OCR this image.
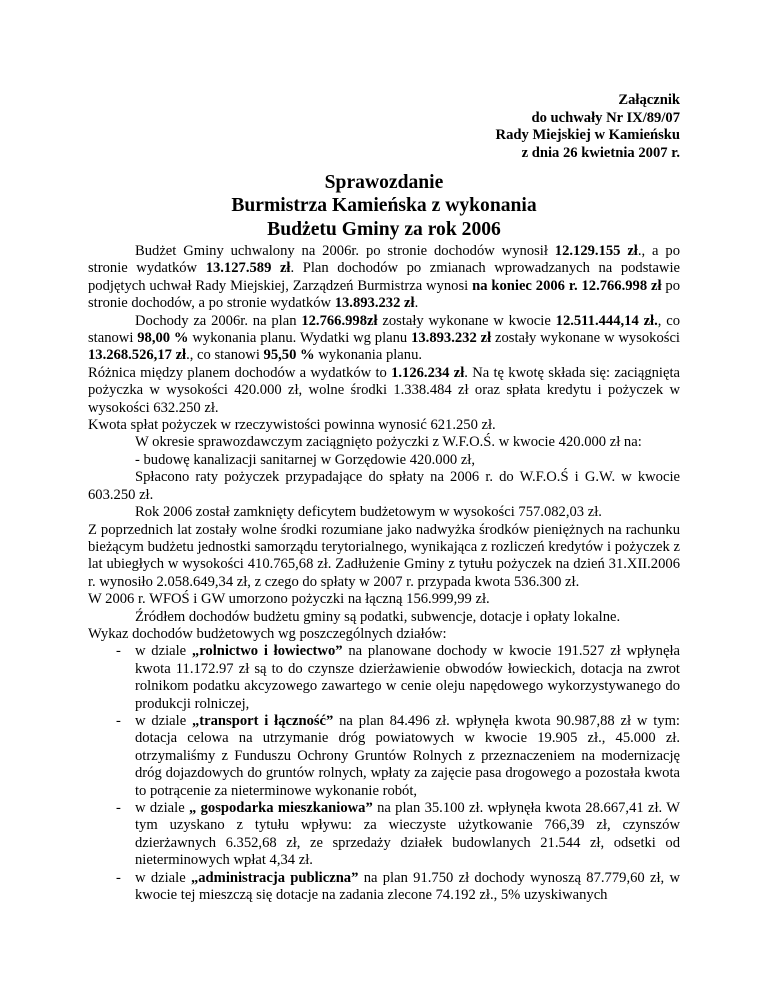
Załącznik
do uchwały Nr IX/89/07
Rady Miejskiej w Kamieńsku
z dnia 26 kwietnia 2007 r.
Sprawozdanie
Burmistrza Kamieńska z wykonania
Budżetu Gminy za rok 2006

Budżet Gminy uchwalony na 2006r. po stronie dochodów wynosił 12.129.155 zł., a po stronie wydatków 13.127.589 zł. Plan dochodów po zmianach wprowadzanych na podstawie podjętych uchwał Rady Miejskiej, Zarządzeń Burmistrza wynosi na koniec 2006 r. 12.766.998 zł po stronie dochodów, a po stronie wydatków 13.893.232 zł.

Dochody za 2006r. na plan 12.766.998zł zostały wykonane w kwocie 12.511.444,14 zł., co stanowi 98,00 % wykonania planu. Wydatki wg planu 13.893.232 zł zostały wykonane w wysokości 13.268.526,17 zł., co stanowi 95,50 % wykonania planu.

Różnica między planem dochodów a wydatków to 1.126.234 zł. Na tę kwotę składa się: zaciągnięta pożyczka w wysokości 420.000 zł, wolne środki 1.338.484 zł oraz spłata kredytu i pożyczek w wysokości 632.250 zł.

Kwota spłat pożyczek w rzeczywistości powinna wynosić 621.250 zł.

W okresie sprawozdawczym zaciągnięto pożyczki z W.F.O.Ś. w kwocie 420.000 zł na:

- budowę kanalizacji sanitarnej w Gorzędowie 420.000 zł,

Spłacono raty pożyczek przypadające do spłaty na 2006 r. do W.F.O.Ś i G.W. w kwocie 603.250 zł.

Rok 2006 został zamknięty deficytem budżetowym w wysokości 757.082,03 zł.

Z poprzednich lat zostały wolne środki rozumiane jako nadwyżka środków pieniężnych na rachunku bieżącym budżetu jednostki samorządu terytorialnego, wynikająca z rozliczeń kredytów i pożyczek z lat ubiegłych w wysokości 410.765,68 zł. Zadłużenie Gminy z tytułu pożyczek na dzień 31.XII.2006 r. wynosiło 2.058.649,34 zł, z czego do spłaty w 2007 r. przypada kwota 536.300 zł.

W 2006 r. WFOŚ i GW umorzono pożyczki na łączną 156.999,99 zł.

Źródłem dochodów budżetu gminy są podatki, subwencje, dotacje i opłaty lokalne.

Wykaz dochodów budżetowych wg poszczególnych działów:

- w dziale „rolnictwo i łowiectwo” na planowane dochody w kwocie 191.527 zł wpłynęła kwota 11.172.97 zł są to do czynsze dzierżawienie obwodów łowieckich, dotacja na zwrot rolnikom podatku akcyzowego zawartego w cenie oleju napędowego wykorzystywanego do produkcji rolniczej,
- w dziale „transport i łączność” na plan 84.496 zł. wpłynęła kwota 90.987,88 zł w tym: dotacja celowa na utrzymanie dróg powiatowych w kwocie 19.905 zł., 45.000 zł. otrzymaliśmy z Funduszu Ochrony Gruntów Rolnych z przeznaczeniem na modernizację dróg dojazdowych do gruntów rolnych, wpłaty za zajęcie pasa drogowego a pozostała kwota to potrącenie za nieterminowe wykonanie robót,
- w dziale „ gospodarka mieszkaniowa” na plan 35.100 zł. wpłynęła kwota 28.667,41 zł. W tym uzyskano z tytułu wpływu: za wieczyste użytkowanie 766,39 zł, czynszów dzierżawnych 6.352,68 zł, ze sprzedaży działek budowlanych 21.544 zł, odsetki od nieterminowych wpłat 4,34 zł.
- w dziale „administracja publiczna” na plan 91.750 zł dochody wynoszą 87.779,60 zł, w kwocie tej mieszczą się dotacje na zadania zlecone 74.192 zł., 5% uzyskiwanych
